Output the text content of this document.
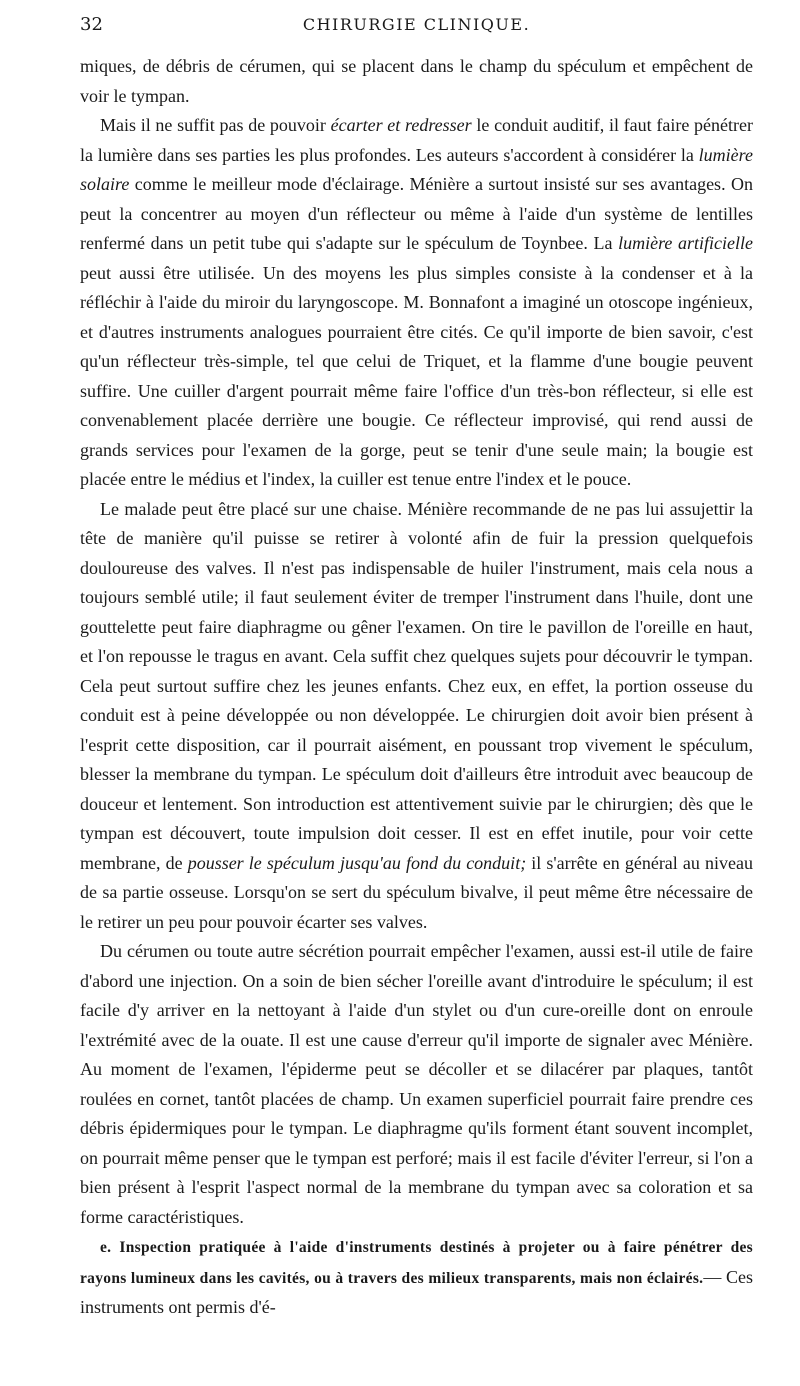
32	CHIRURGIE CLINIQUE.

miques, de débris de cérumen, qui se placent dans le champ du spéculum et empêchent de voir le tympan.

Mais il ne suffit pas de pouvoir écarter et redresser le conduit auditif, il faut faire pénétrer la lumière dans ses parties les plus profondes. Les auteurs s'accordent à considérer la lumière solaire comme le meilleur mode d'éclairage. Ménière a surtout insisté sur ses avantages. On peut la concentrer au moyen d'un réflecteur ou même à l'aide d'un système de lentilles renfermé dans un petit tube qui s'adapte sur le spéculum de Toynbee. La lumière artificielle peut aussi être utilisée. Un des moyens les plus simples consiste à la condenser et à la réfléchir à l'aide du miroir du laryngoscope. M. Bonnafont a imaginé un otoscope ingénieux, et d'autres instruments analogues pourraient être cités. Ce qu'il importe de bien savoir, c'est qu'un réflecteur très-simple, tel que celui de Triquet, et la flamme d'une bougie peuvent suffire. Une cuiller d'argent pourrait même faire l'office d'un très-bon réflecteur, si elle est convenablement placée derrière une bougie. Ce réflecteur improvisé, qui rend aussi de grands services pour l'examen de la gorge, peut se tenir d'une seule main; la bougie est placée entre le médius et l'index, la cuiller est tenue entre l'index et le pouce.

Le malade peut être placé sur une chaise. Ménière recommande de ne pas lui assujettir la tête de manière qu'il puisse se retirer à volonté afin de fuir la pression quelquefois douloureuse des valves. Il n'est pas indispensable de huiler l'instrument, mais cela nous a toujours semblé utile; il faut seulement éviter de tremper l'instrument dans l'huile, dont une gouttelette peut faire diaphragme ou gêner l'examen. On tire le pavillon de l'oreille en haut, et l'on repousse le tragus en avant. Cela suffit chez quelques sujets pour découvrir le tympan. Cela peut surtout suffire chez les jeunes enfants. Chez eux, en effet, la portion osseuse du conduit est à peine développée ou non développée. Le chirurgien doit avoir bien présent à l'esprit cette disposition, car il pourrait aisément, en poussant trop vivement le spéculum, blesser la membrane du tympan. Le spéculum doit d'ailleurs être introduit avec beaucoup de douceur et lentement. Son introduction est attentivement suivie par le chirurgien; dès que le tympan est découvert, toute impulsion doit cesser. Il est en effet inutile, pour voir cette membrane, de pousser le spéculum jusqu'au fond du conduit; il s'arrête en général au niveau de sa partie osseuse. Lorsqu'on se sert du spéculum bivalve, il peut même être nécessaire de le retirer un peu pour pouvoir écarter ses valves.

Du cérumen ou toute autre sécrétion pourrait empêcher l'examen, aussi est-il utile de faire d'abord une injection. On a soin de bien sécher l'oreille avant d'introduire le spéculum; il est facile d'y arriver en la nettoyant à l'aide d'un stylet ou d'un cure-oreille dont on enroule l'extrémité avec de la ouate. Il est une cause d'erreur qu'il importe de signaler avec Ménière. Au moment de l'examen, l'épiderme peut se décoller et se dilacérer par plaques, tantôt roulées en cornet, tantôt placées de champ. Un examen superficiel pourrait faire prendre ces débris épidermiques pour le tympan. Le diaphragme qu'ils forment étant souvent incomplet, on pourrait même penser que le tympan est perforé; mais il est facile d'éviter l'erreur, si l'on a bien présent à l'esprit l'aspect normal de la membrane du tympan avec sa coloration et sa forme caractéristiques.

e. Inspection pratiquée à l'aide d'instruments destinés à projeter ou à faire pénétrer des rayons lumineux dans les cavités, ou à travers des milieux transparents, mais non éclairés.— Ces instruments ont permis d'é-
